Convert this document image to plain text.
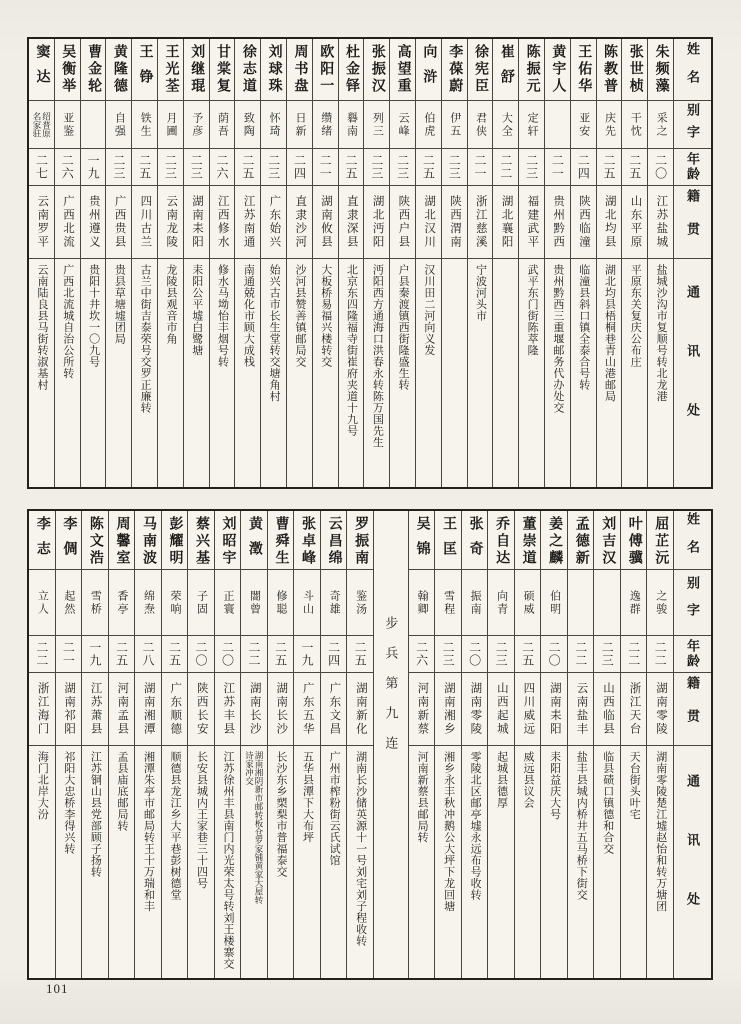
姓名
别字
年龄
籍贯
通讯处
朱频藻
采之
二〇
江苏盐城
盐城沙沟市复顺号转北龙港
张世桢
干忱
二五
山东平原
平原东关复庆公布庄
陈教普
庆先
二五
湖北均县
湖北均县梧桐巷青山港邮局
王佑华
亚安
二四
陕西临潼
临潼县斜口镇全泰合号转
黄宇人
二一
贵州黔西
贵州黔西三重堰邮务代办处交
陈振元
定轩
二三
福建武平
武平东门街陈萃隆
崔舒
大全
二二
湖北襄阳
徐宪臣
君侠
二一
浙江慈溪
宁波河头市
李葆蔚
伊五
二三
陕西渭南
向浒
伯虎
二五
湖北汉川
汉川田二河向义发
高望重
云峰
二三
陕西户县
户县秦渡镇西街隆盛生转
张振汉
列三
二三
湖北沔阳
沔阳西方通海口洪春永转陈万国先生
杜金铎
礜南
二五
直隶深县
北京东四隆福寺街崔府夹道十九号
欧阳一
缵绪
二一
湖南攸县
大板桥易福兴楼转交
周书盘
日新
二四
直隶沙河
沙河县赞善镇邮局交
刘球珠
怀琦
二三
广东始兴
始兴古市长生堂转交塘角村
徐志道
致陶
二五
江苏南通
南通兢化市顾大成栈
甘棠复
荫吾
二六
江西修水
修水马坳怡丰烟号转
刘继琨
予彦
二三
湖南耒阳
耒阳公平墟白鹭塘
王光荃
月圃
二三
云南龙陵
龙陵县观音市角
王铮
铁生
二五
四川古兰
古兰中街吉泰荣号交罗正廉转
黄隆德
自强
二三
广西贵县
贵县草塘墟团局
曹金轮
一九
贵州遵义
贵阳十井坎一〇九号
吴衡举
亚鉴
二六
广西北流
广西北流城自治公所转
窦达
绍普原
名家驻
二七
云南罗平
云南陆良县马街转淑基村
姓名
别字
年龄
籍贯
通讯处
屈芷沅
之骏
二二
湖南零陵
湖南零陵楚江墟赵怡和转万塘团
叶傅骥
逸群
二二
浙江天台
天台街头叶宅
刘吉汉
二三
山西临县
临县碛口镇德和合交
孟德新
二二
云南盐丰
盐丰县城内桥井五马桥下街交
姜之麟
伯明
二〇
湖南耒阳
耒阳益庆大号
董崇道
硕威
二五
四川威远
威远县议会
乔自达
向青
二三
山西起城
起城县德厚
张奇
振南
二〇
湖南零陵
零陵北区邮亭墟永远布号收转
王匡
雪程
二三
湖南湘乡
湘乡永丰秋冲鹅公大坪下龙回塘
吴锦
翰卿
二六
河南新蔡
河南新蔡县邮局转
步兵第九连
罗振南
鉴汤
二五
湖南新化
湖南长沙储英源十一号刘宅刘子程收转
云昌绵
奇雄
二四
广东文昌
广州市榨粉街云氏试馆
张卓峰
斗山
一九
广东五华
五华县潭下大布坪
曹舜生
修聪
二五
湖南长沙
长沙东乡槊梨市普福泰交
黄澂
闇曾
二二
湖南长沙
湖南湘阴新市邮转板仓罗家铺黄家大屋转
诗家冲交
刘昭宇
正寰
二〇
江苏丰县
江苏徐州丰县南门内光荣太号转刘王楼寨交
蔡兴基
子固
二〇
陕西长安
长安县城内王家巷三十四号
彭耀明
荣响
二五
广东顺德
顺德县龙江乡大平巷彭树德堂
马南波
绵焘
二八
湖南湘潭
湘潭朱亭市邮局转王十万瑞和丰
周馨室
香亭
二五
河南孟县
孟县庙底邮局转
陈文浩
雪桥
一九
江苏萧县
江苏铜山县党部顾子扬转
李倜
起然
二一
湖南祁阳
祁阳大忠桥李得兴转
李志
立人
二二
浙江海门
海门北岸大汾
101
